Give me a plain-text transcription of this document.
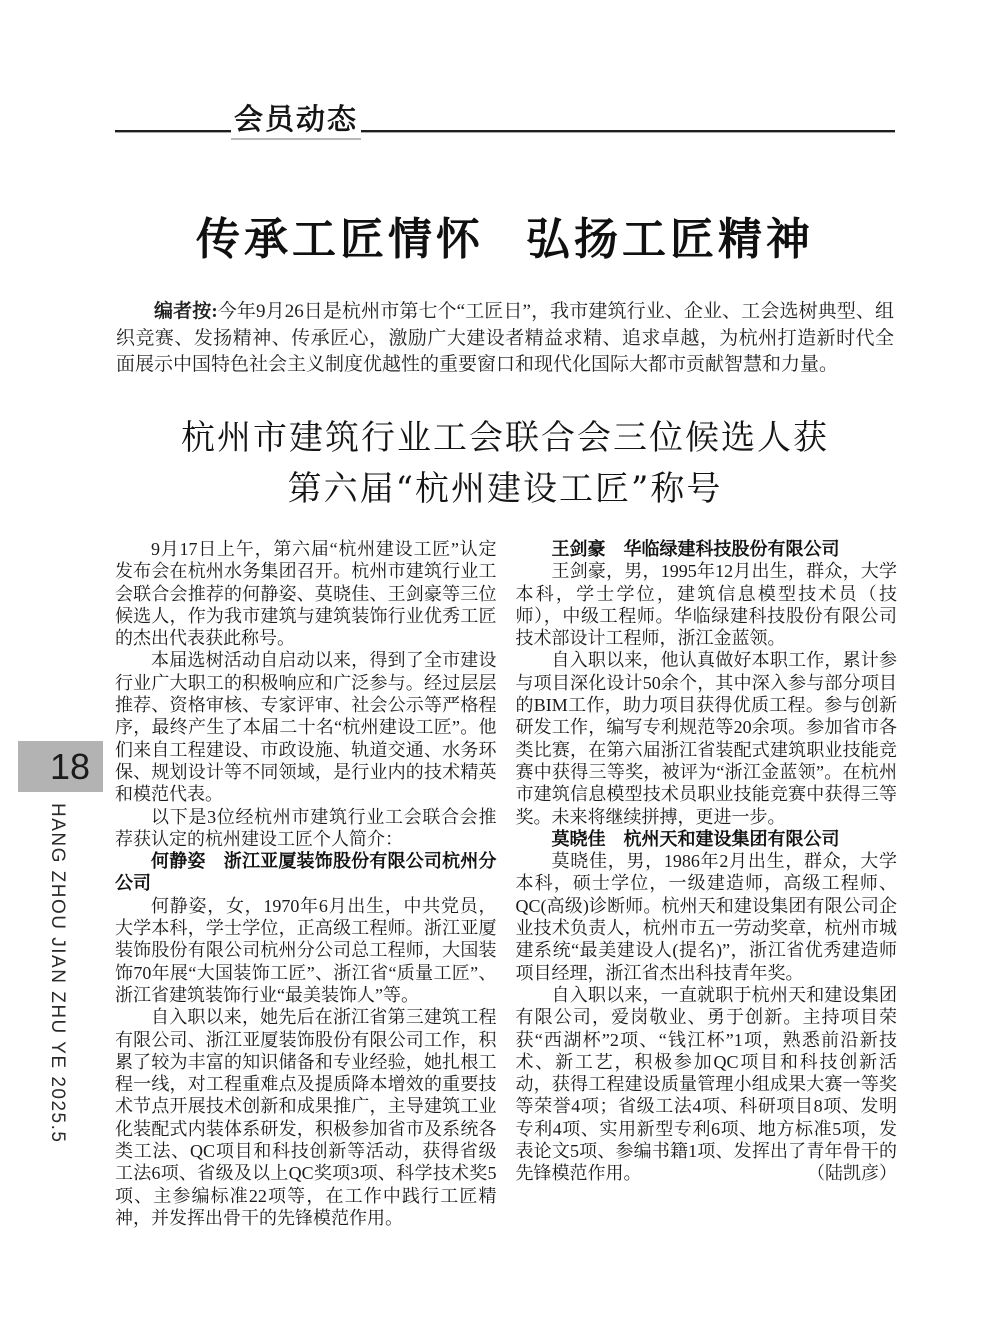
会员动态
传承工匠情怀 弘扬工匠精神
编者按:今年9月26日是杭州市第七个“工匠日”，我市建筑行业、企业、工会选树典型、组织竞赛、发扬精神、传承匠心，激励广大建设者精益求精、追求卓越，为杭州打造新时代全面展示中国特色社会主义制度优越性的重要窗口和现代化国际大都市贡献智慧和力量。
杭州市建筑行业工会联合会三位候选人获
第六届“杭州建设工匠”称号

9月17日上午，第六届“杭州建设工匠”认定发布会在杭州水务集团召开。杭州市建筑行业工会联合会推荐的何静姿、莫晓佳、王剑豪等三位候选人，作为我市建筑与建筑装饰行业优秀工匠的杰出代表获此称号。

本届选树活动自启动以来，得到了全市建设行业广大职工的积极响应和广泛参与。经过层层推荐、资格审核、专家评审、社会公示等严格程序，最终产生了本届二十名“杭州建设工匠”。他们来自工程建设、市政设施、轨道交通、水务环保、规划设计等不同领域，是行业内的技术精英和模范代表。

以下是3位经杭州市建筑行业工会联合会推荐获认定的杭州建设工匠个人简介：

何静姿　浙江亚厦装饰股份有限公司杭州分公司

何静姿，女，1970年6月出生，中共党员，大学本科，学士学位，正高级工程师。浙江亚厦装饰股份有限公司杭州分公司总工程师，大国装饰70年展“大国装饰工匠”、浙江省“质量工匠”、浙江省建筑装饰行业“最美装饰人”等。

自入职以来，她先后在浙江省第三建筑工程有限公司、浙江亚厦装饰股份有限公司工作，积累了较为丰富的知识储备和专业经验，她扎根工程一线，对工程重难点及提质降本增效的重要技术节点开展技术创新和成果推广，主导建筑工业化装配式内装体系研发，积极参加省市及系统各类工法、QC项目和科技创新等活动，获得省级工法6项、省级及以上QC奖项3项、科学技术奖5项、主参编标准22项等，在工作中践行工匠精神，并发挥出骨干的先锋模范作用。

王剑豪　华临绿建科技股份有限公司

王剑豪，男，1995年12月出生，群众，大学本科，学士学位，建筑信息模型技术员（技师），中级工程师。华临绿建科技股份有限公司技术部设计工程师，浙江金蓝领。

自入职以来，他认真做好本职工作，累计参与项目深化设计50余个，其中深入参与部分项目的BIM工作，助力项目获得优质工程。参与创新研发工作，编写专利规范等20余项。参加省市各类比赛，在第六届浙江省装配式建筑职业技能竞赛中获得三等奖，被评为“浙江金蓝领”。在杭州市建筑信息模型技术员职业技能竞赛中获得三等奖。未来将继续拼搏，更进一步。

莫晓佳　杭州天和建设集团有限公司

莫晓佳，男，1986年2月出生，群众，大学本科，硕士学位，一级建造师，高级工程师、QC(高级)诊断师。杭州天和建设集团有限公司企业技术负责人，杭州市五一劳动奖章，杭州市城建系统“最美建设人(提名)”，浙江省优秀建造师项目经理，浙江省杰出科技青年奖。

自入职以来，一直就职于杭州天和建设集团有限公司，爱岗敬业、勇于创新。主持项目荣获“西湖杯”2项、“钱江杯”1项，熟悉前沿新技术、新工艺，积极参加QC项目和科技创新活动，获得工程建设质量管理小组成果大赛一等奖等荣誉4项；省级工法4项、科研项目8项、发明专利4项、实用新型专利6项、地方标准5项，发表论文5项、参编书籍1项、发挥出了青年骨干的先锋模范作用。	（陆凯彦）

18
HANG ZHOU JIAN ZHU YE 2025.5
